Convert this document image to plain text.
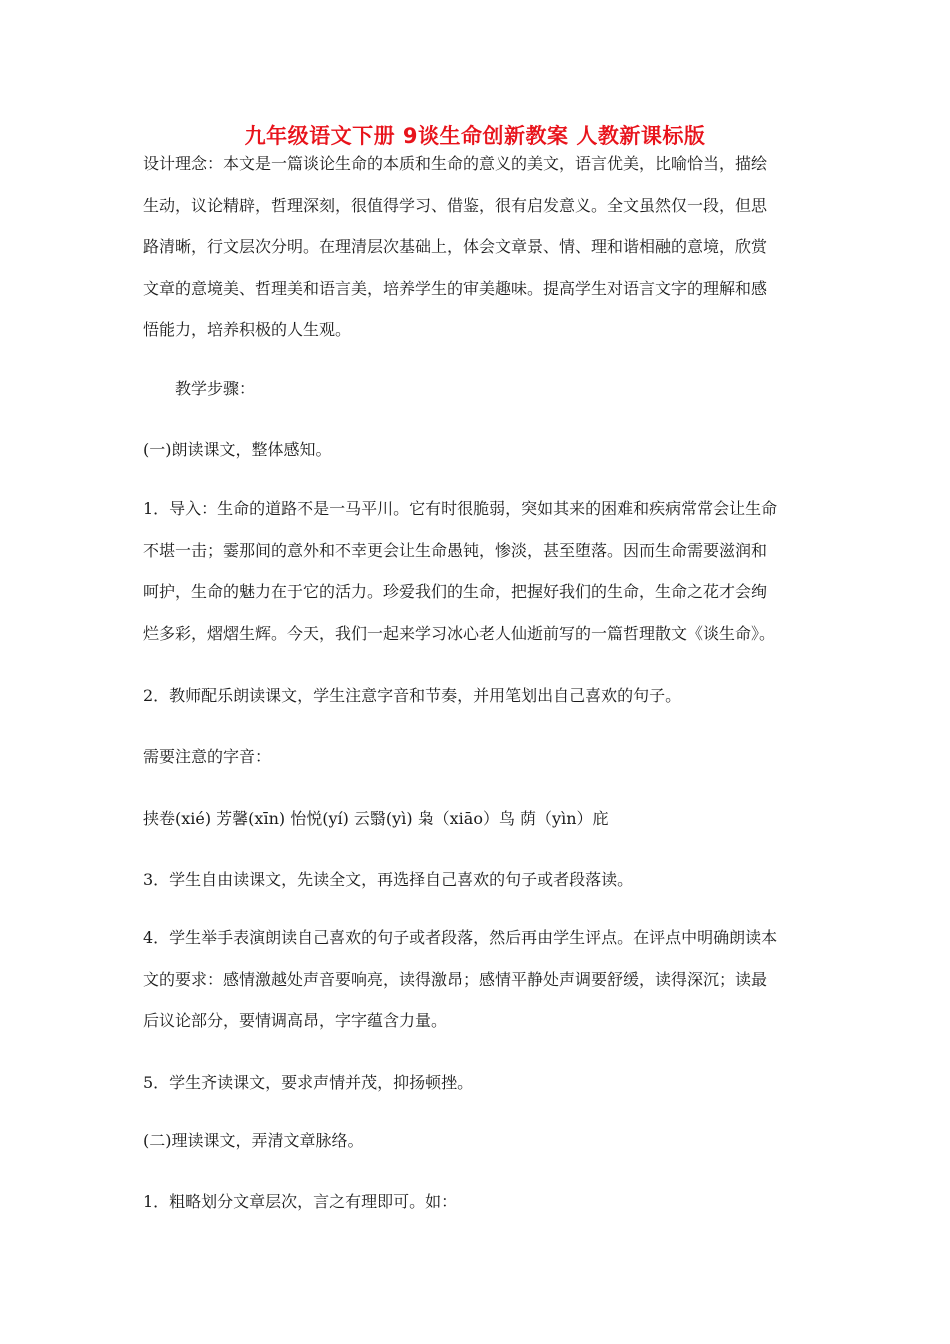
九年级语文下册 9谈生命创新教案 人教新课标版
设计理念：本文是一篇谈论生命的本质和生命的意义的美文，语言优美，比喻恰当，描绘
生动，议论精辟，哲理深刻，很值得学习、借鉴，很有启发意义。全文虽然仅一段，但思
路清晰，行文层次分明。在理清层次基础上，体会文章景、情、理和谐相融的意境，欣赏
文章的意境美、哲理美和语言美，培养学生的审美趣味。提高学生对语言文字的理解和感
悟能力，培养积极的人生观。
教学步骤：
(一)朗读课文，整体感知。
1．导入：生命的道路不是一马平川。它有时很脆弱，突如其来的困难和疾病常常会让生命
不堪一击；霎那间的意外和不幸更会让生命愚钝，惨淡，甚至堕落。因而生命需要滋润和
呵护，生命的魅力在于它的活力。珍爱我们的生命，把握好我们的生命，生命之花才会绚
烂多彩，熠熠生辉。今天，我们一起来学习冰心老人仙逝前写的一篇哲理散文《谈生命》。
2．教师配乐朗读课文，学生注意字音和节奏，并用笔划出自己喜欢的句子。
需要注意的字音：
挟卷(xié) 芳馨(xīn) 怡悦(yí) 云翳(yì) 枭（xiāo）鸟 荫（yìn）庇
3．学生自由读课文，先读全文，再选择自己喜欢的句子或者段落读。
4．学生举手表演朗读自己喜欢的句子或者段落，然后再由学生评点。在评点中明确朗读本
文的要求：感情激越处声音要响亮，读得激昂；感情平静处声调要舒缓，读得深沉；读最
后议论部分，要情调高昂，字字蕴含力量。
5．学生齐读课文，要求声情并茂，抑扬顿挫。
(二)理读课文，弄清文章脉络。
1．粗略划分文章层次，言之有理即可。如：
